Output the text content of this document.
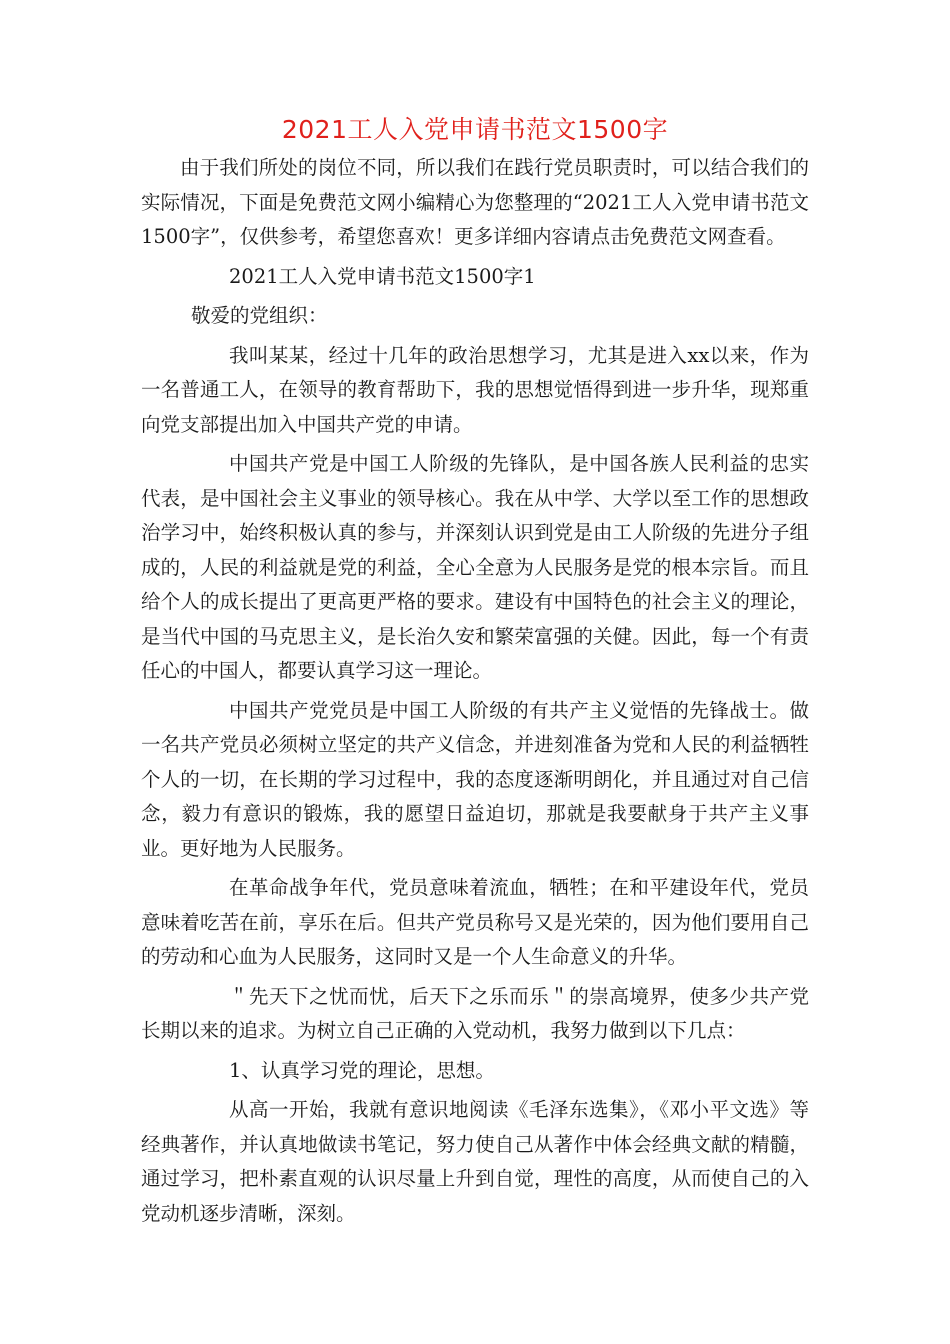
2021工人入党申请书范文1500字

由于我们所处的岗位不同，所以我们在践行党员职责时，可以结合我们的实际情况，下面是免费范文网小编精心为您整理的“2021工人入党申请书范文1500字”，仅供参考，希望您喜欢！更多详细内容请点击免费范文网查看。

2021工人入党申请书范文1500字1

敬爱的党组织：

我叫某某，经过十几年的政治思想学习，尤其是进入xx以来，作为一名普通工人，在领导的教育帮助下，我的思想觉悟得到进一步升华，现郑重向党支部提出加入中国共产党的申请。

中国共产党是中国工人阶级的先锋队，是中国各族人民利益的忠实代表，是中国社会主义事业的领导核心。我在从中学、大学以至工作的思想政治学习中，始终积极认真的参与，并深刻认识到党是由工人阶级的先进分子组成的，人民的利益就是党的利益，全心全意为人民服务是党的根本宗旨。而且给个人的成长提出了更高更严格的要求。建设有中国特色的社会主义的理论，是当代中国的马克思主义，是长治久安和繁荣富强的关健。因此，每一个有责任心的中国人，都要认真学习这一理论。

中国共产党党员是中国工人阶级的有共产主义觉悟的先锋战士。做一名共产党员必须树立坚定的共产义信念，并进刻准备为党和人民的利益牺牲个人的一切，在长期的学习过程中，我的态度逐渐明朗化，并且通过对自己信念，毅力有意识的锻炼，我的愿望日益迫切，那就是我要献身于共产主义事业。更好地为人民服务。

在革命战争年代，党员意味着流血，牺牲；在和平建设年代，党员意味着吃苦在前，享乐在后。但共产党员称号又是光荣的，因为他们要用自己的劳动和心血为人民服务，这同时又是一个人生命意义的升华。

＂先天下之忧而忧，后天下之乐而乐＂的崇高境界，使多少共产党长期以来的追求。为树立自己正确的入党动机，我努力做到以下几点：

1、认真学习党的理论，思想。

从高一开始，我就有意识地阅读《毛泽东选集》，《邓小平文选》等经典著作，并认真地做读书笔记，努力使自己从著作中体会经典文献的精髓，通过学习，把朴素直观的认识尽量上升到自觉，理性的高度，从而使自己的入党动机逐步清晰，深刻。
